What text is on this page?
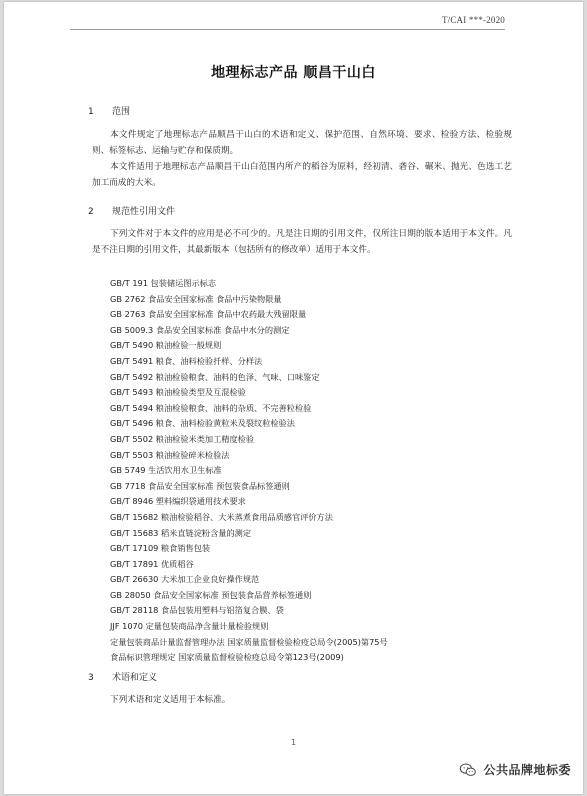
T/CAI ***-2020
地理标志产品 顺昌干山白
1 范围

本文件规定了地理标志产品顺昌干山白的术语和定义、保护范围、自然环境、要求、检验方法、检验规则、标签标志、运输与贮存和保质期。

本文件适用于地理标志产品顺昌干山白范围内所产的稻谷为原料，经初清、砻谷、碾米、抛光、色选工艺加工而成的大米。

2 规范性引用文件

下列文件对于本文件的应用是必不可少的。凡是注日期的引用文件，仅所注日期的版本适用于本文件。凡是不注日期的引用文件，其最新版本（包括所有的修改单）适用于本文件。

GB/T 191 包装储运图示标志
GB 2762 食品安全国家标准 食品中污染物限量
GB 2763 食品安全国家标准 食品中农药最大残留限量
GB 5009.3 食品安全国家标准 食品中水分的测定
GB/T 5490 粮油检验一般规则
GB/T 5491 粮食、油料检验扦样、分样法
GB/T 5492 粮油检验粮食、油料的色泽、气味、口味鉴定
GB/T 5493 粮油检验类型及互混检验
GB/T 5494 粮油检验粮食、油料的杂质、不完善粒检验
GB/T 5496 粮食、油料检验黄粒米及裂纹粒检验法
GB/T 5502 粮油检验米类加工精度检验
GB/T 5503 粮油检验碎米检验法
GB 5749 生活饮用水卫生标准
GB 7718 食品安全国家标准 预包装食品标签通则
GB/T 8946 塑料编织袋通用技术要求
GB/T 15682 粮油检验稻谷、大米蒸煮食用品质感官评价方法
GB/T 15683 稻米直链淀粉含量的测定
GB/T 17109 粮食销售包装
GB/T 17891 优质稻谷
GB/T 26630 大米加工企业良好操作规范
GB 28050 食品安全国家标准 预包装食品营养标签通则
GB/T 28118 食品包装用塑料与铝箔复合膜、袋
JJF 1070 定量包装商品净含量计量检验规则
定量包装商品计量监督管理办法 国家质量监督检验检疫总局令(2005)第75号
食品标识管理规定 国家质量监督检验检疫总局令第123号(2009)
3 术语和定义

下列术语和定义适用于本标准。

1
公共品牌地标委
